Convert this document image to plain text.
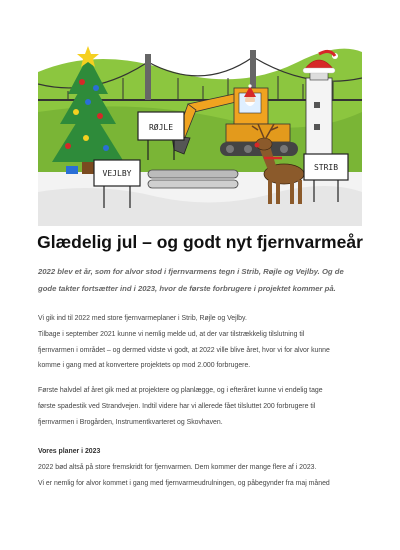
RØJLE
STRIB
VEJLBY
Glædelig jul – og godt nyt fjernvarmeår

2022 blev et år, som for alvor stod i fjernvarmens tegn i Strib, Røjle og Vejlby. Og de
gode takter fortsætter ind i 2023, hvor de første forbrugere i projektet kommer på.

Vi gik ind til 2022 med store fjernvarmeplaner i Strib, Røjle og Vejlby.
Tilbage i september 2021 kunne vi nemlig melde ud, at der var tilstrækkelig tilslutning til
fjernvarmen i området – og dermed vidste vi godt, at 2022 ville blive året, hvor vi for alvor kunne
komme i gang med at konvertere projektets op mod 2.000 forbrugere.

Første halvdel af året gik med at projektere og planlægge, og i efteråret kunne vi endelig tage
første spadestik ved Strandvejen. Indtil videre har vi allerede fået tilsluttet 200 forbrugere til
fjernvarmen i Brogården, Instrumentkvarteret og Skovhaven.

Vores planer i 2023

2022 bød altså på store fremskridt for fjernvarmen. Dem kommer der mange flere af i 2023.
Vi er nemlig for alvor kommet i gang med fjernvarmeudrulningen, og påbegynder fra maj måned
